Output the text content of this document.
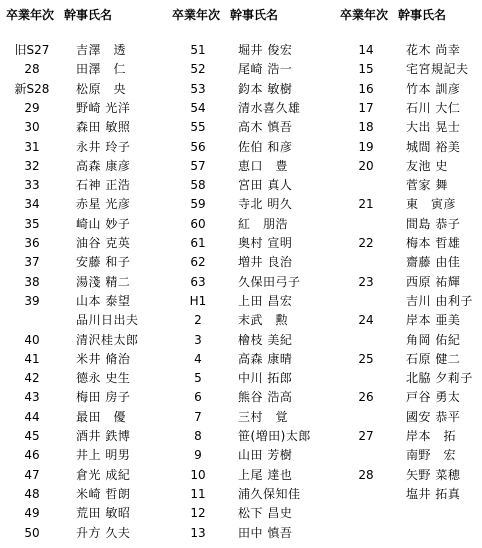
卒業年次 幹事氏名
旧S27	吉澤　透
28	田澤　仁
新S28	松原　央
29	野崎 光洋
30	森田 敏照
31	永井 玲子
32	高森 康彦
33	石神 正浩
34	赤星 光彦
35	崎山 妙子
36	油谷 克英
37	安藤 和子
38	湯淺 精二
39	山本 泰望
品川日出夫
40	清沢桂太郎
41	米井 脩治
42	德永 史生
43	梅田 房子
44	最田　優
45	酒井 鉄博
46	井上 明男
47	倉光 成紀
48	米崎 哲朗
49	荒田 敏昭
50	升方 久夫
卒業年次 幹事氏名
51	堀井 俊宏
52	尾崎 浩一
53	鈞本 敏樹
54	清水喜久雄
55	高木 慎吾
56	佐伯 和彦
57	恵口　豊
58	宮田 真人
59	寺北 明久
60	紅　朋浩
61	奥村 宣明
62	増井 良治
63	久保田弓子
H1	上田 昌宏
2	末武　勲
3	檜枝 美紀
4	高森 康晴
5	中川 拓郎
6	熊谷 浩高
7	三村　覚
8	笹(増田)太郎
9	山田 芳樹
10	上尾 達也
11	浦久保知佳
12	松下 昌史
13	田中 慎吾
卒業年次 幹事氏名
14	花木 尚幸
15	宅宮規記夫
16	竹本 訓彦
17	石川 大仁
18	大出 晃士
19	城間 裕美
20	友池 史
菅家 舞
21	東　寅彦
間島 恭子
22	梅本 哲雄
齋藤 由佳
23	西原 祐輝
吉川 由利子
24	岸本 亜美
角岡 佑紀
25	石原 健二
北脇 夕莉子
26	戸谷 勇太
國安 恭平
27	岸本　拓
南野　宏
28	矢野 菜穂
塩井 拓真
